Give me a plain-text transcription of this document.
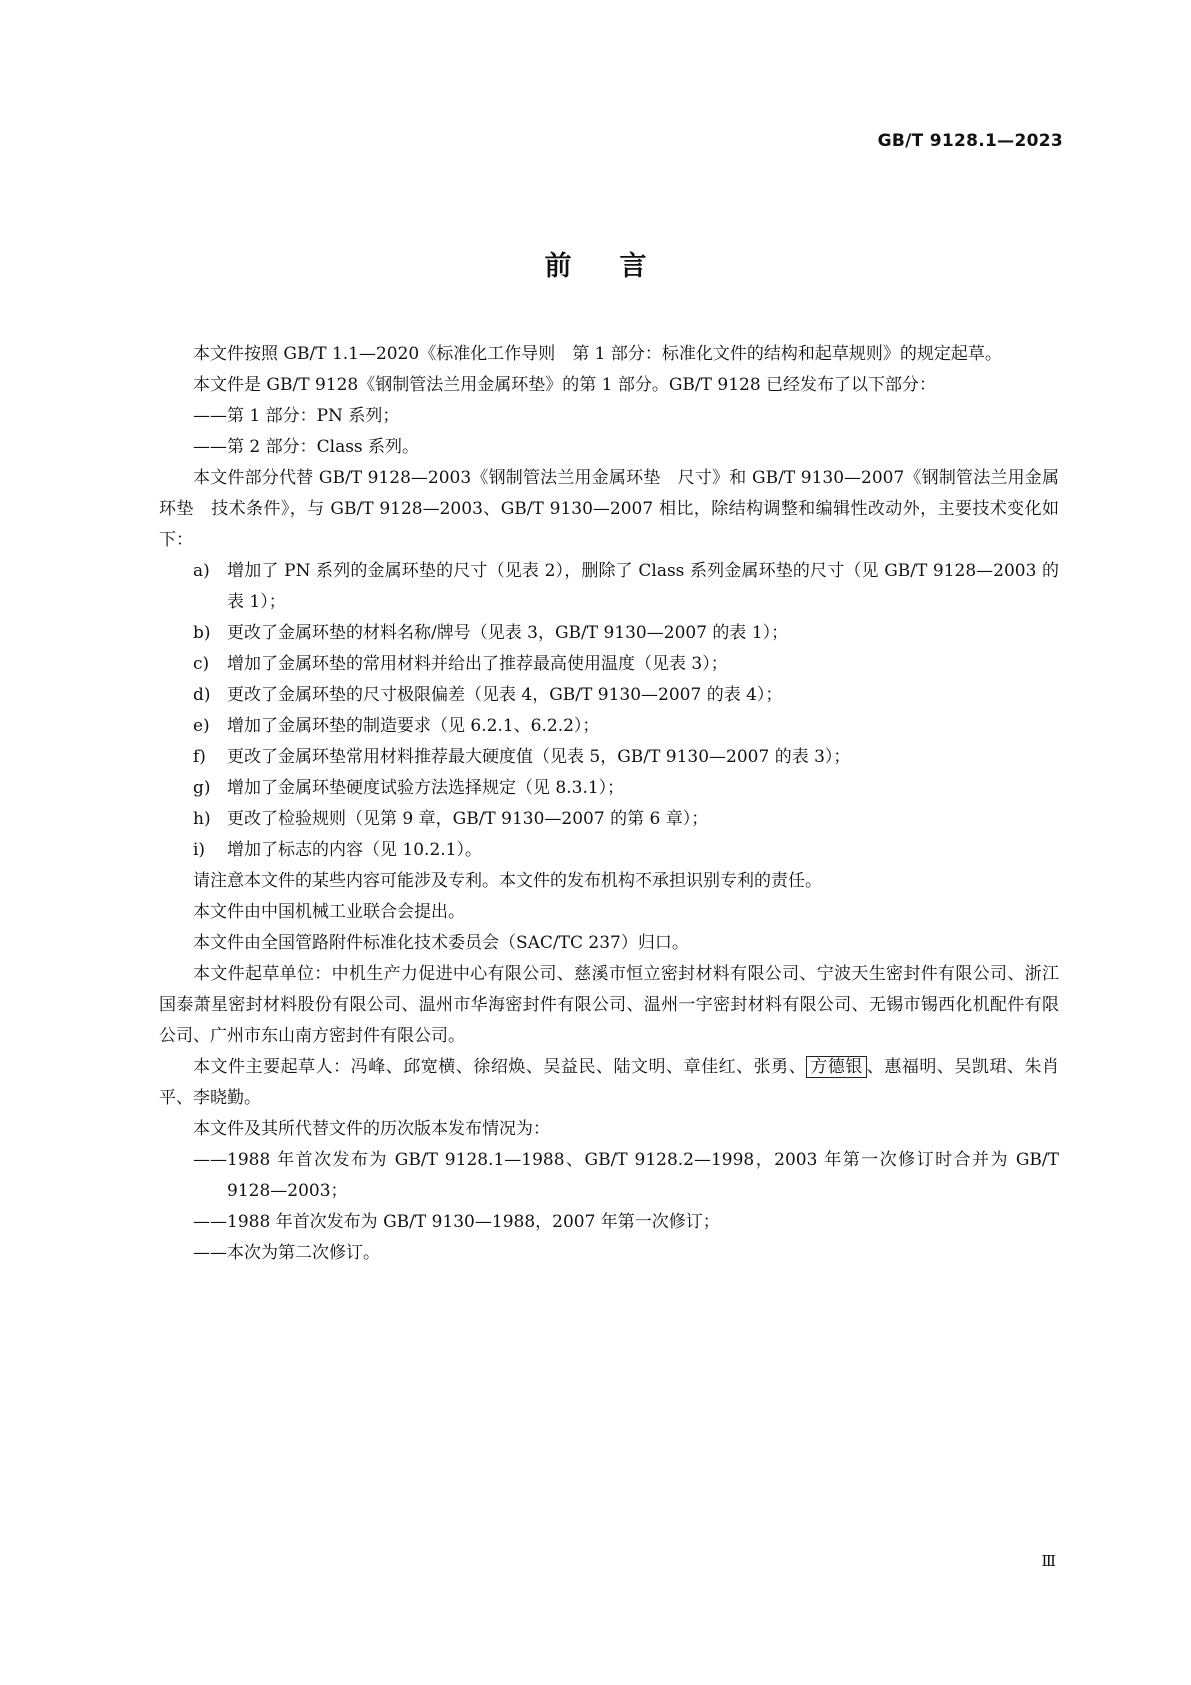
GB/T 9128.1—2023
前言

本文件按照 GB/T 1.1—2020《标准化工作导则　第 1 部分：标准化文件的结构和起草规则》的规定起草。

本文件是 GB/T 9128《钢制管法兰用金属环垫》的第 1 部分。GB/T 9128 已经发布了以下部分：

——第 1 部分：PN 系列；

——第 2 部分：Class 系列。

本文件部分代替 GB/T 9128—2003《钢制管法兰用金属环垫　尺寸》和 GB/T 9130—2007《钢制管法兰用金属环垫　技术条件》，与 GB/T 9128—2003、GB/T 9130—2007 相比，除结构调整和编辑性改动外，主要技术变化如下：

a) 增加了 PN 系列的金属环垫的尺寸（见表 2），删除了 Class 系列金属环垫的尺寸（见 GB/T 9128—2003 的表 1）；

b) 更改了金属环垫的材料名称/牌号（见表 3，GB/T 9130—2007 的表 1）；

c) 增加了金属环垫的常用材料并给出了推荐最高使用温度（见表 3）；

d) 更改了金属环垫的尺寸极限偏差（见表 4，GB/T 9130—2007 的表 4）；

e) 增加了金属环垫的制造要求（见 6.2.1、6.2.2）；

f) 更改了金属环垫常用材料推荐最大硬度值（见表 5，GB/T 9130—2007 的表 3）；

g) 增加了金属环垫硬度试验方法选择规定（见 8.3.1）；

h) 更改了检验规则（见第 9 章，GB/T 9130—2007 的第 6 章）；

i) 增加了标志的内容（见 10.2.1）。

请注意本文件的某些内容可能涉及专利。本文件的发布机构不承担识别专利的责任。

本文件由中国机械工业联合会提出。

本文件由全国管路附件标准化技术委员会（SAC/TC 237）归口。

本文件起草单位：中机生产力促进中心有限公司、慈溪市恒立密封材料有限公司、宁波天生密封件有限公司、浙江国泰萧星密封材料股份有限公司、温州市华海密封件有限公司、温州一宇密封材料有限公司、无锡市锡西化机配件有限公司、广州市东山南方密封件有限公司。

本文件主要起草人：冯峰、邱宽横、徐绍焕、吴益民、陆文明、章佳红、张勇、 方德银 、惠福明、吴凯珺、朱肖平、李晓勤。

本文件及其所代替文件的历次版本发布情况为：

——1988 年首次发布为 GB/T 9128.1—1988、GB/T 9128.2—1998，2003 年第一次修订时合并为 GB/T 9128—2003；

——1988 年首次发布为 GB/T 9130—1988，2007 年第一次修订；

——本次为第二次修订。

Ⅲ
